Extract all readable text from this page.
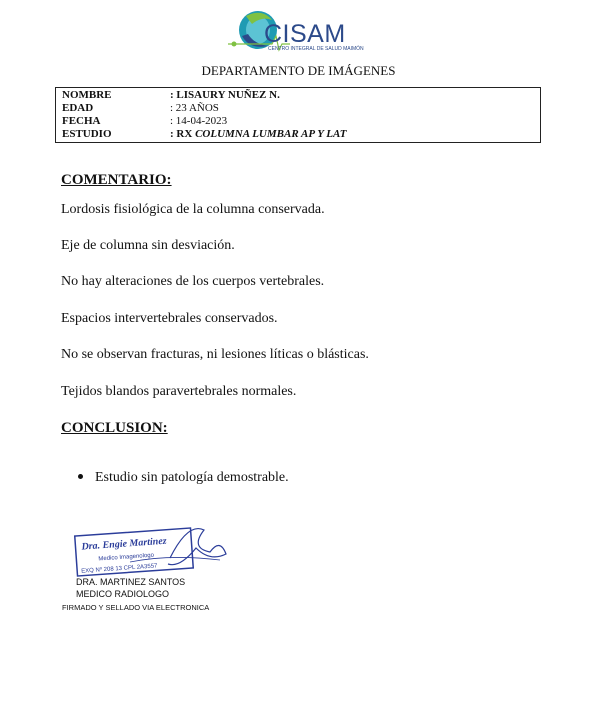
CISAM
CENTRO INTEGRAL DE SALUD MAIMÓN
DEPARTAMENTO DE IMÁGENES
NOMBRE	: LISAURY NUÑEZ N.
EDAD	: 23 AÑOS
FECHA	: 14-04-2023
ESTUDIO	: RX COLUMNA LUMBAR AP Y LAT
COMENTARIO:
Lordosis fisiológica de la columna conservada.
Eje de columna sin desviación.
No hay alteraciones de los cuerpos vertebrales.
Espacios intervertebrales conservados.
No se observan fracturas, ni lesiones líticas o blásticas.
Tejidos blandos paravertebrales normales.
CONCLUSION:
Estudio sin patología demostrable.
Dra. Engie Martinez
Medico Imagenologo
EXQ Nº 208 13 CPL 2A3557
DRA. MARTINEZ SANTOS
MEDICO RADIOLOGO
FIRMADO Y SELLADO VIA ELECTRONICA
